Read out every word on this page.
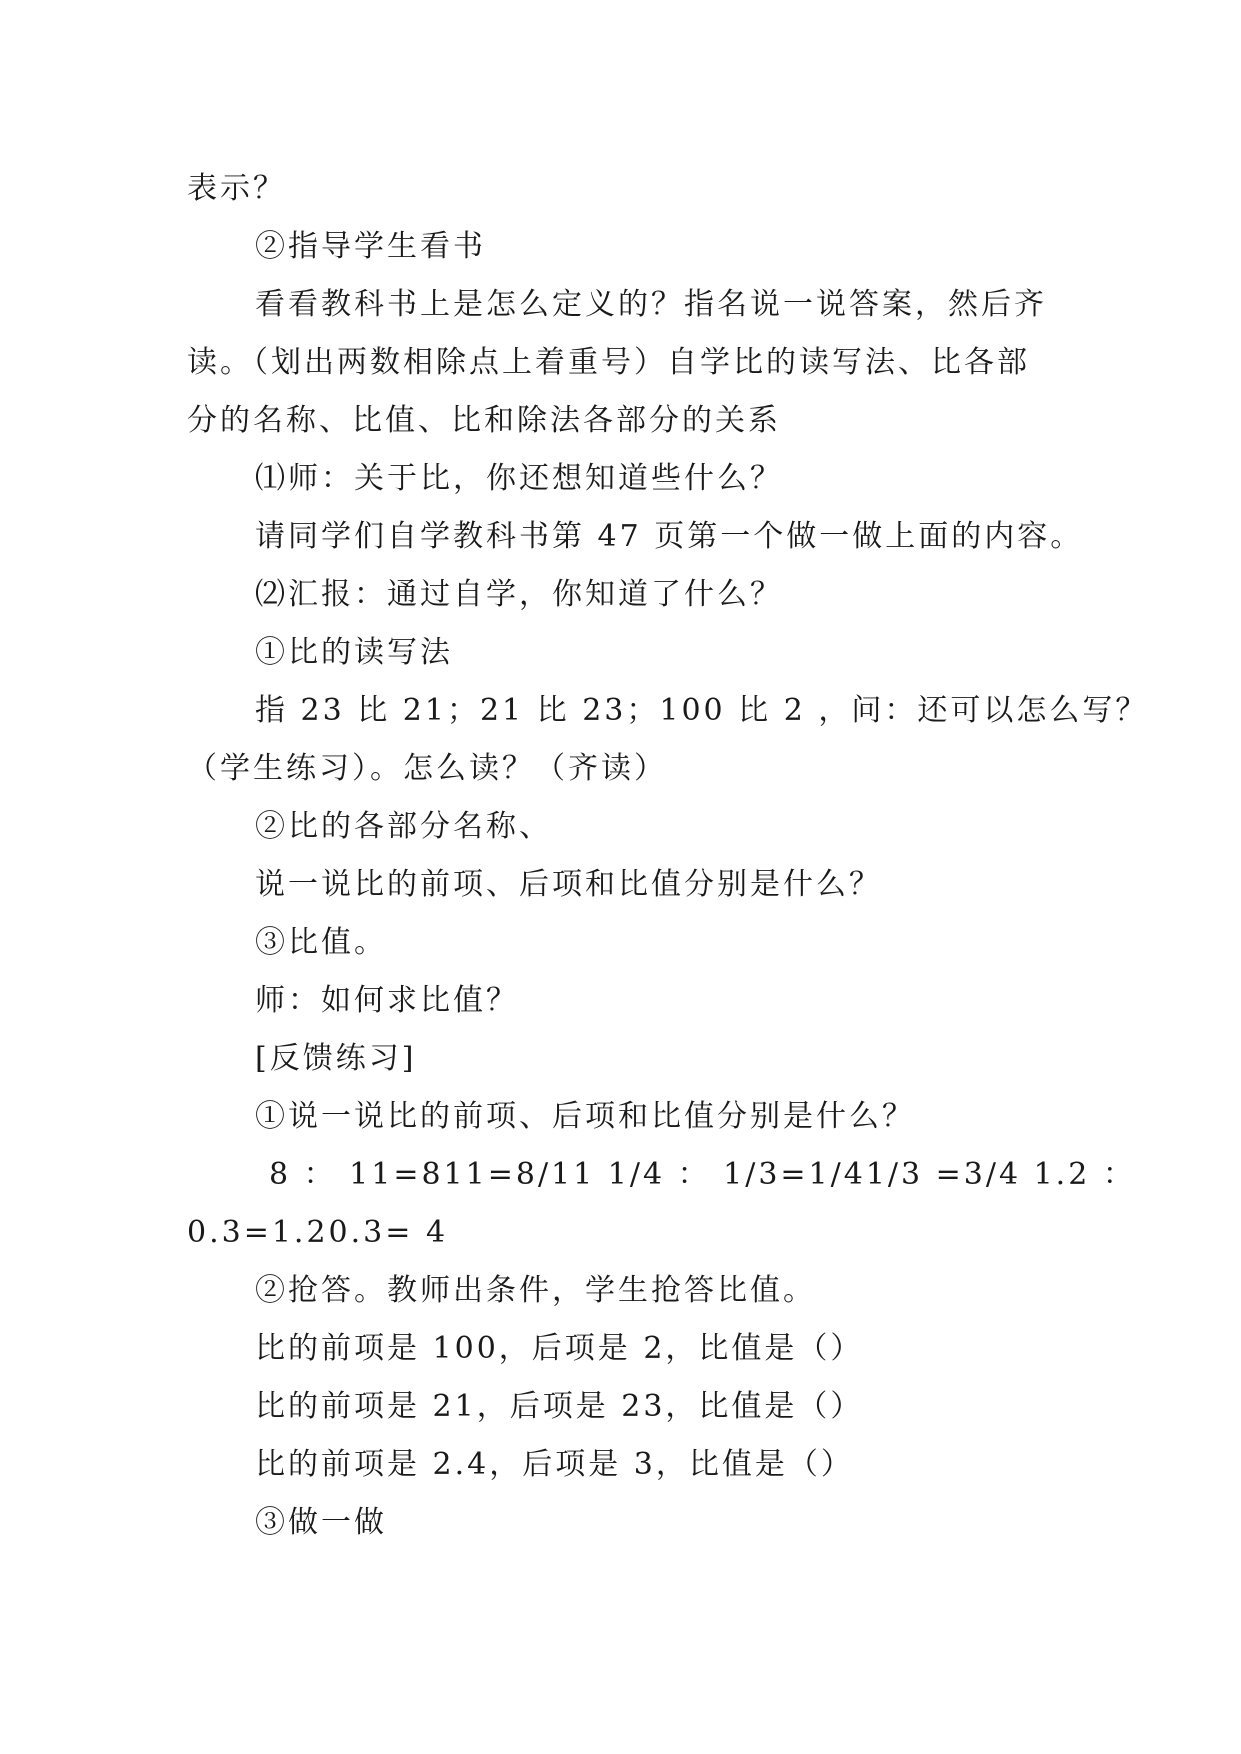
表示？
②指导学生看书
看看教科书上是怎么定义的？指名说一说答案，然后齐
读。（划出两数相除点上着重号）自学比的读写法、比各部
分的名称、比值、比和除法各部分的关系
⑴师：关于比，你还想知道些什么？
请同学们自学教科书第 47 页第一个做一做上面的内容。
⑵汇报：通过自学，你知道了什么？
①比的读写法
指 23 比 21；21 比 23；100 比 2 ，问：还可以怎么写？
（学生练习）。怎么读？（齐读）
②比的各部分名称、
说一说比的前项、后项和比值分别是什么？
③比值。
师：如何求比值？
[反馈练习]
①说一说比的前项、后项和比值分别是什么？
8 ： 11=811=8/11 1/4 ： 1/3=1/41/3 =3/4 1.2 ：
0.3=1.20.3= 4
②抢答。教师出条件，学生抢答比值。
比的前项是 100，后项是 2，比值是（）
比的前项是 21，后项是 23，比值是（）
比的前项是 2.4，后项是 3，比值是（）
③做一做
